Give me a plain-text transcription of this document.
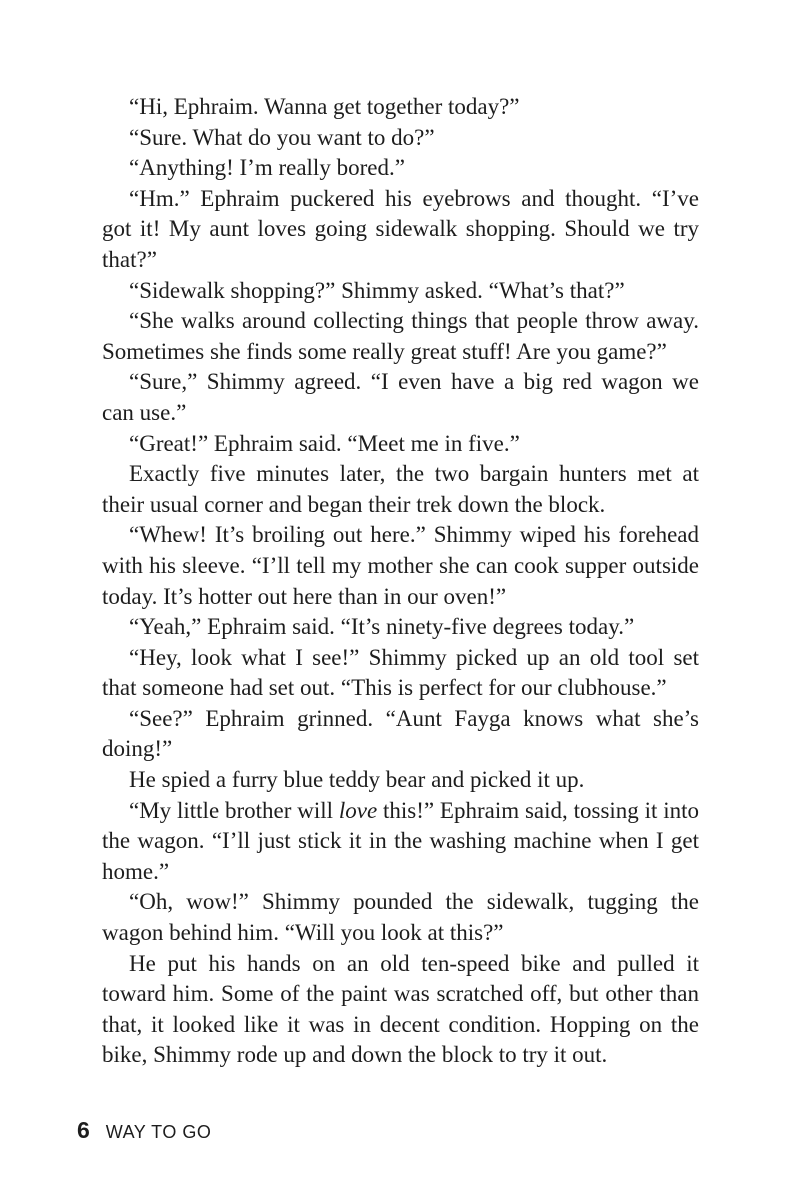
“Hi, Ephraim. Wanna get together today?”

“Sure. What do you want to do?”

“Anything! I’m really bored.”

“Hm.” Ephraim puckered his eyebrows and thought. “I’ve got it! My aunt loves going sidewalk shopping. Should we try that?”

“Sidewalk shopping?” Shimmy asked. “What’s that?”

“She walks around collecting things that people throw away. Sometimes she finds some really great stuff! Are you game?”

“Sure,” Shimmy agreed. “I even have a big red wagon we can use.”

“Great!” Ephraim said. “Meet me in five.”

Exactly five minutes later, the two bargain hunters met at their usual corner and began their trek down the block.

“Whew! It’s broiling out here.” Shimmy wiped his forehead with his sleeve. “I’ll tell my mother she can cook supper outside today. It’s hotter out here than in our oven!”

“Yeah,” Ephraim said. “It’s ninety-five degrees today.”

“Hey, look what I see!” Shimmy picked up an old tool set that someone had set out. “This is perfect for our clubhouse.”

“See?” Ephraim grinned. “Aunt Fayga knows what she’s doing!”

He spied a furry blue teddy bear and picked it up.

“My little brother will love this!” Ephraim said, tossing it into the wagon. “I’ll just stick it in the washing machine when I get home.”

“Oh, wow!” Shimmy pounded the sidewalk, tugging the wagon behind him. “Will you look at this?”

He put his hands on an old ten-speed bike and pulled it toward him. Some of the paint was scratched off, but other than that, it looked like it was in decent condition. Hopping on the bike, Shimmy rode up and down the block to try it out.

6 WAY TO GO
